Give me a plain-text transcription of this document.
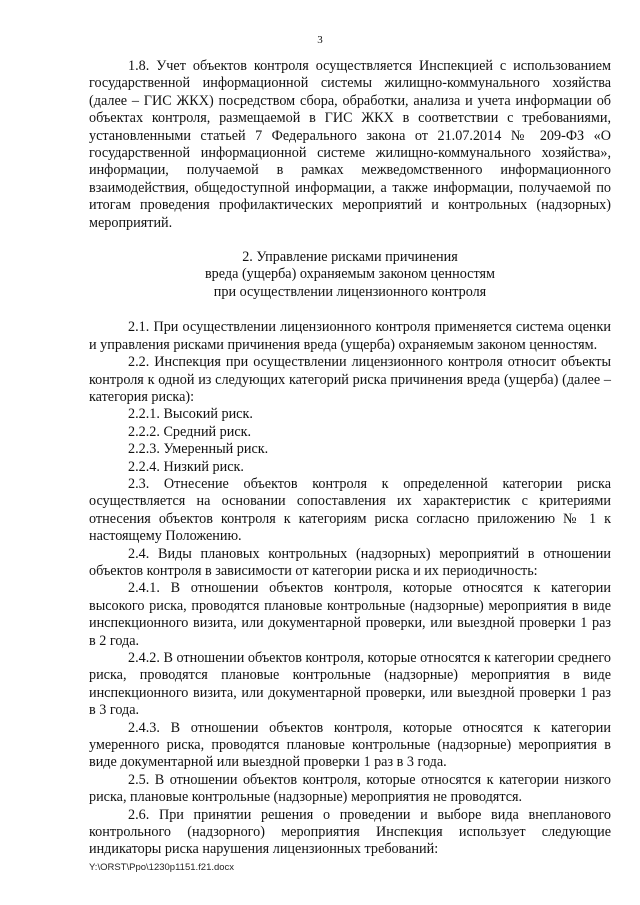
3

1.8. Учет объектов контроля осуществляется Инспекцией с использованием государственной информационной системы жилищно-коммунального хозяйства (далее – ГИС ЖКХ) посредством сбора, обработки, анализа и учета информации об объектах контроля, размещаемой в ГИС ЖКХ в соответствии с требованиями, установленными статьей 7 Федерального закона от 21.07.2014 № 209-ФЗ «О государственной информационной системе жилищно-коммунального хозяйства», информации, получаемой в рамках межведомственного информационного взаимодействия, общедоступной информации, а также информации, получаемой по итогам проведения профилактических мероприятий и контрольных (надзорных) мероприятий.

2. Управление рисками причинения
вреда (ущерба) охраняемым законом ценностям
при осуществлении лицензионного контроля

2.1. При осуществлении лицензионного контроля применяется система оценки и управления рисками причинения вреда (ущерба) охраняемым законом ценностям.

2.2. Инспекция при осуществлении лицензионного контроля относит объекты контроля к одной из следующих категорий риска причинения вреда (ущерба) (далее – категория риска):

2.2.1. Высокий риск.

2.2.2. Средний риск.

2.2.3. Умеренный риск.

2.2.4. Низкий риск.

2.3. Отнесение объектов контроля к определенной категории риска осуществляется на основании сопоставления их характеристик с критериями отнесения объектов контроля к категориям риска согласно приложению № 1 к настоящему Положению.

2.4. Виды плановых контрольных (надзорных) мероприятий в отношении объектов контроля в зависимости от категории риска и их периодичность:

2.4.1. В отношении объектов контроля, которые относятся к категории высокого риска, проводятся плановые контрольные (надзорные) мероприятия в виде инспекционного визита, или документарной проверки, или выездной проверки 1 раз в 2 года.

2.4.2. В отношении объектов контроля, которые относятся к категории среднего риска, проводятся плановые контрольные (надзорные) мероприятия в виде инспекционного визита, или документарной проверки, или выездной проверки 1 раз в 3 года.

2.4.3. В отношении объектов контроля, которые относятся к категории умеренного риска, проводятся плановые контрольные (надзорные) мероприятия в виде документарной или выездной проверки 1 раз в 3 года.

2.5. В отношении объектов контроля, которые относятся к категории низкого риска, плановые контрольные (надзорные) мероприятия не проводятся.

2.6. При принятии решения о проведении и выборе вида внепланового контрольного (надзорного) мероприятия Инспекция использует следующие индикаторы риска нарушения лицензионных требований:

Y:\ORST\Ppo\1230p1151.f21.docx
